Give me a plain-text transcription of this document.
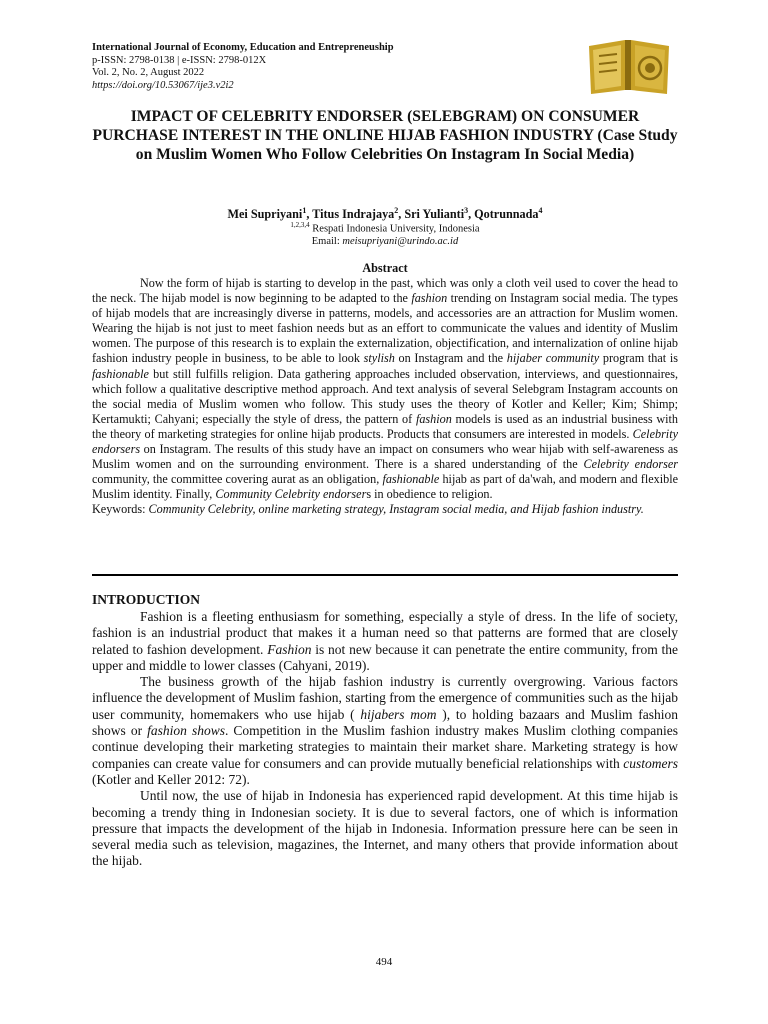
International Journal of Economy, Education and Entrepreneuship
p-ISSN: 2798-0138 | e-ISSN: 2798-012X
Vol. 2, No. 2, August 2022
https://doi.org/10.53067/ije3.v2i2
IMPACT OF CELEBRITY ENDORSER (SELEBGRAM) ON CONSUMER PURCHASE INTEREST IN THE ONLINE HIJAB FASHION INDUSTRY (Case Study on Muslim Women Who Follow Celebrities On Instagram In Social Media)
Mei Supriyani$^1$, Titus Indrajaya$^2$, Sri Yulianti$^3$, Qotrunnada$^4$
$^{1,2,3,4}$ Respati Indonesia University, Indonesia
Email: meisupriyani@urindo.ac.id
Abstract

Now the form of hijab is starting to develop in the past, which was only a cloth veil used to cover the head to the neck. The hijab model is now beginning to be adapted to the fashion trending on Instagram social media. The types of hijab models that are increasingly diverse in patterns, models, and accessories are an attraction for Muslim women. Wearing the hijab is not just to meet fashion needs but as an effort to communicate the values and identity of Muslim women. The purpose of this research is to explain the externalization, objectification, and internalization of online hijab fashion industry people in business, to be able to look stylish on Instagram and the hijaber community program that is fashionable but still fulfills religion. Data gathering approaches included observation, interviews, and questionnaires, which follow a qualitative descriptive method approach. And text analysis of several Selebgram Instagram accounts on the social media of Muslim women who follow. This study uses the theory of Kotler and Keller; Kim; Shimp; Kertamukti; Cahyani; especially the style of dress, the pattern of fashion models is used as an industrial business with the theory of marketing strategies for online hijab products. Products that consumers are interested in models. Celebrity endorsers on Instagram. The results of this study have an impact on consumers who wear hijab with self-awareness as Muslim women and on the surrounding environment. There is a shared understanding of the Celebrity endorser community, the committee covering aurat as an obligation, fashionable hijab as part of da'wah, and modern and flexible Muslim identity. Finally, Community Celebrity endorsers in obedience to religion.

Keywords: Community Celebrity, online marketing strategy, Instagram social media, and Hijab fashion industry.

INTRODUCTION

Fashion is a fleeting enthusiasm for something, especially a style of dress. In the life of society, fashion is an industrial product that makes it a human need so that patterns are formed that are closely related to fashion development. Fashion is not new because it can penetrate the entire community, from the upper and middle to lower classes (Cahyani, 2019).

The business growth of the hijab fashion industry is currently overgrowing. Various factors influence the development of Muslim fashion, starting from the emergence of communities such as the hijab user community, homemakers who use hijab ( hijabers mom ), to holding bazaars and Muslim fashion shows or fashion shows. Competition in the Muslim fashion industry makes Muslim clothing companies continue developing their marketing strategies to maintain their market share. Marketing strategy is how companies can create value for consumers and can provide mutually beneficial relationships with customers (Kotler and Keller 2012: 72).

Until now, the use of hijab in Indonesia has experienced rapid development. At this time hijab is becoming a trendy thing in Indonesian society. It is due to several factors, one of which is information pressure that impacts the development of the hijab in Indonesia. Information pressure here can be seen in several media such as television, magazines, the Internet, and many others that provide information about the hijab.

494
